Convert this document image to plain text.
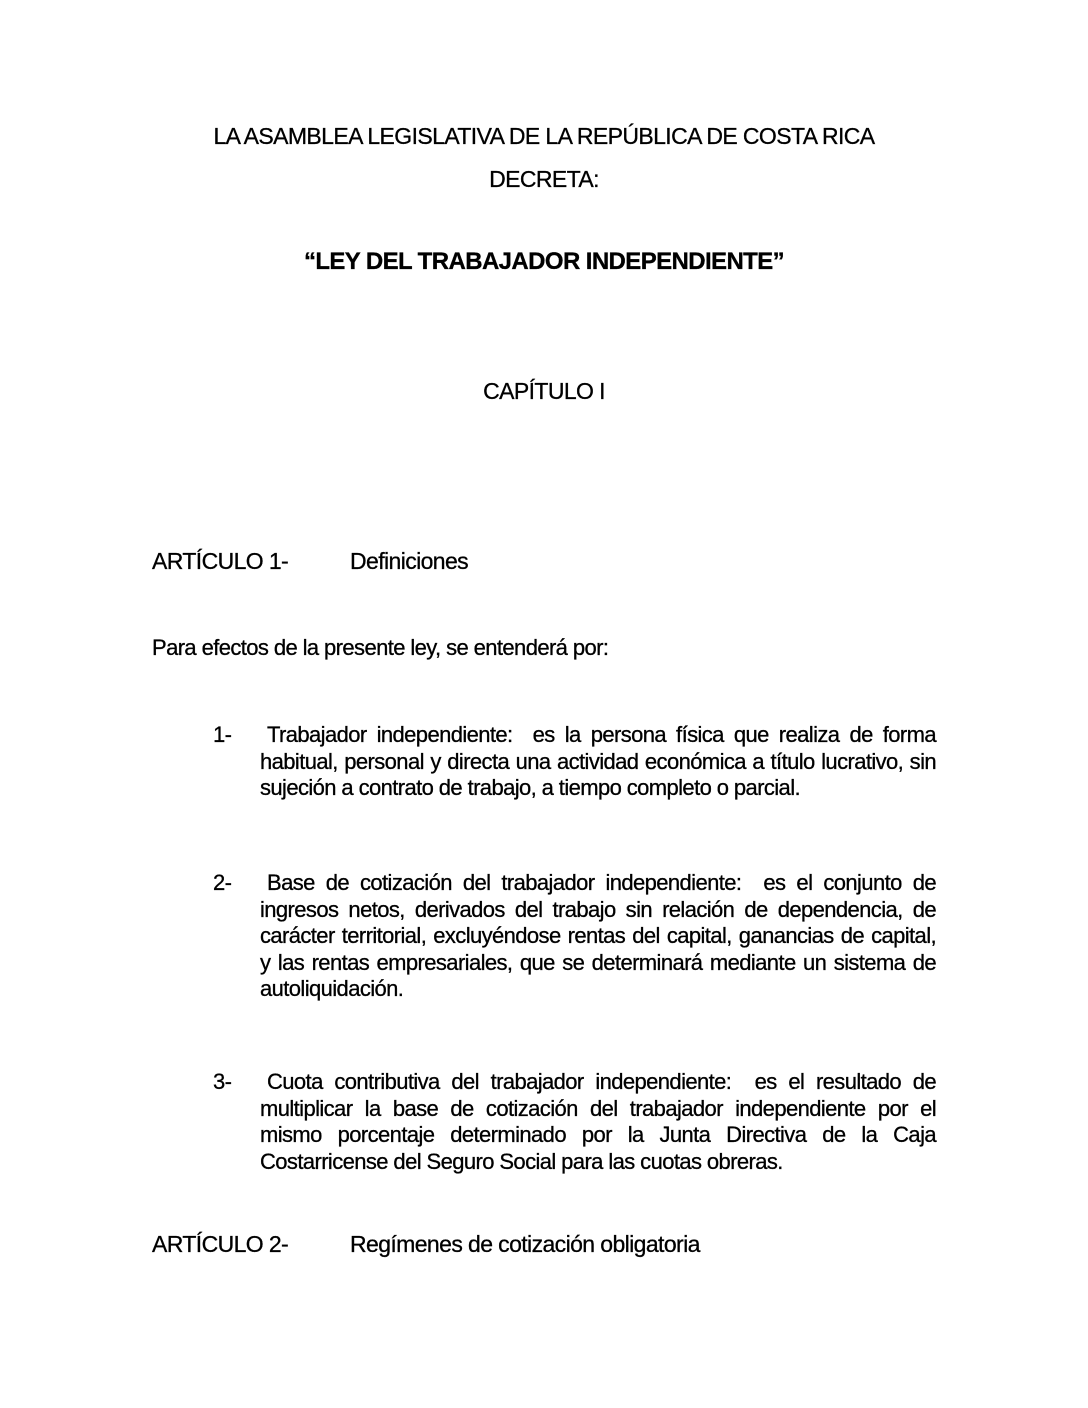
LA ASAMBLEA LEGISLATIVA DE LA REPÚBLICA DE COSTA RICA
DECRETA:
“LEY DEL TRABAJADOR INDEPENDIENTE”
CAPÍTULO I
ARTÍCULO 1-	Definiciones
Para efectos de la presente ley, se entenderá por:
1-	Trabajador independiente:  es la persona física que realiza de forma habitual, personal y directa una actividad económica a título lucrativo, sin sujeción a contrato de trabajo, a tiempo completo o parcial.
2-	Base de cotización del trabajador independiente:  es el conjunto de ingresos netos, derivados del trabajo sin relación de dependencia, de carácter territorial, excluyéndose rentas del capital, ganancias de capital, y las rentas empresariales, que se determinará mediante un sistema de autoliquidación.
3-	Cuota contributiva del trabajador independiente:  es el resultado de multiplicar la base de cotización del trabajador independiente por el mismo porcentaje determinado por la Junta Directiva de la Caja Costarricense del Seguro Social para las cuotas obreras.
ARTÍCULO 2-	Regímenes de cotización obligatoria
